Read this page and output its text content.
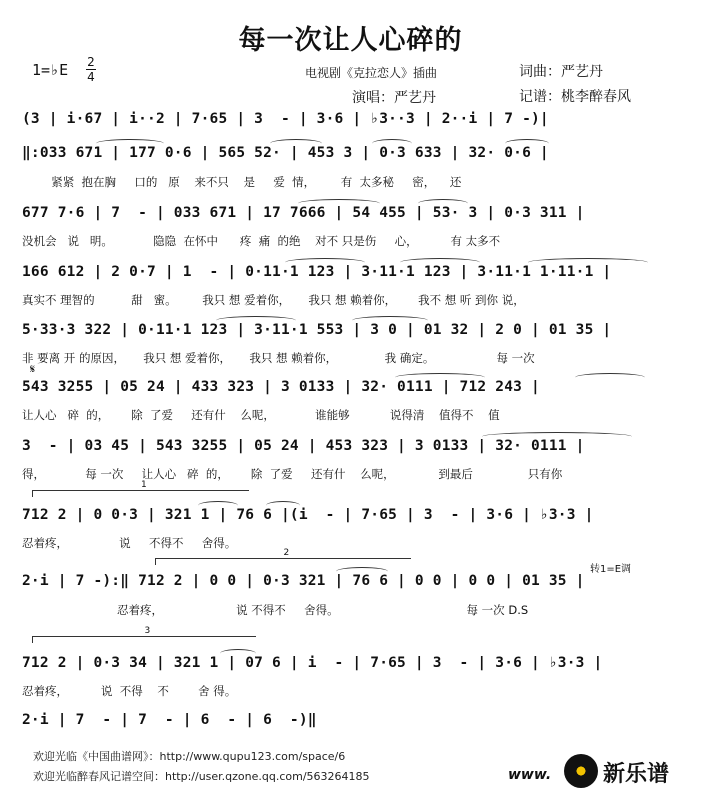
每一次让人心碎的
1=♭E 2
4	电视剧《克拉恋人》插曲	词曲：严艺丹
演唱：严艺丹	记谱：桃李醉春风
(3 | i·67 | i··2 | 7·65 | 3  - | 3·6 | ♭3··3 | 2··i | 7 -)|
‖:033 671 | 177 0·6 | 565 52· | 453 3 | 0·3 633 | 32· 0·6 |
紧紧  抱在胸     口的   原    来不只    是     爱  情，       有  太多秘     密，    还
677 7·6 | 7  - | 033 671 | 17 7666 | 54 455 | 53· 3 | 0·3 311 |
没机会   说   明。           隐隐  在怀中      疼  痛  的绝    对不 只是伤     心，         有 太多不
166 612 | 2 0·7 | 1  - | 0·11·1 123 | 3·11·1 123 | 3·11·1 1·11·1 |
真实不 理智的          甜   蜜。       我只 想 爱着你，     我只 想 赖着你，      我不 想 听 到你 说，
5·33·3 322 | 0·11·1 123 | 3·11·1 553 | 3 0 | 01 32 | 2 0 | 01 35 |
非 要离 开 的原因，     我只 想 爱着你，     我只 想 赖着你，             我 确定。                 每 一次
𝄋
543 3255 | 05 24 | 433 323 | 3 0133 | 32· 0111 | 712 243 |
让人心   碎  的，      除  了爱     还有什    么呢，           谁能够           说得清    值得不    值
3  - | 03 45 | 543 3255 | 05 24 | 453 323 | 3 0133 | 32· 0111 |
得，           每 一次     让人心   碎  的，      除  了爱     还有什    么呢，            到最后               只有你
1
712 2 | 0 0·3 | 321 1 | 76 6 |(i  - | 7·65 | 3  - | 3·6 | ♭3·3 |
忍着疼，              说     不得不     舍得。
2
转1=E调
2·i | 7 -):‖ 712 2 | 0 0 | 0·3 321 | 76 6 | 0 0 | 0 0 | 01 35 |
忍着疼，                    说 不得不     舍得。                                   每 一次 D.S
3
712 2 | 0·3 34 | 321 1 | 07 6 | i  - | 7·65 | 3  - | 3·6 | ♭3·3 |
忍着疼，         说  不得    不        舍 得。
2·i | 7  - | 7  - | 6  - | 6  -)‖
欢迎光临《中国曲谱网》：http://www.qupu123.com/space/6
欢迎光临醉春风记谱空间：http://user.qzone.qq.com/563264185	www. 新乐谱
